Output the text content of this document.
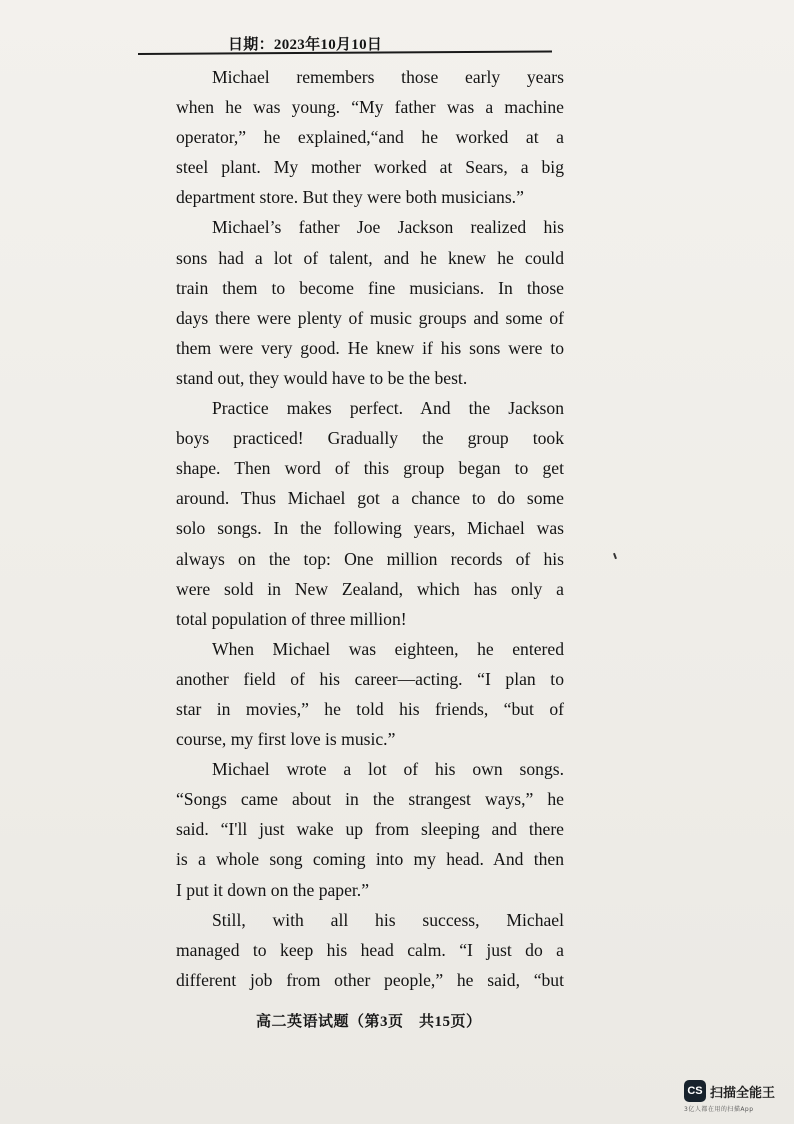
日期：2023年10月10日
Michael remembers those early years
when he was young. “My father was a machine
operator,” he explained,“and he worked at a
steel plant. My mother worked at Sears, a big
department store. But they were both musicians.”
Michael’s father Joe Jackson realized his
sons had a lot of talent, and he knew he could
train them to become fine musicians. In those
days there were plenty of music groups and some of
them were very good. He knew if his sons were to
stand out, they would have to be the best.
Practice makes perfect. And the Jackson
boys practiced! Gradually the group took
shape. Then word of this group began to get
around. Thus Michael got a chance to do some
solo songs. In the following years, Michael was
always on the top: One million records of his
were sold in New Zealand, which has only a
total population of three million!
When Michael was eighteen, he entered
another field of his career—acting. “I plan to
star in movies,” he told his friends, “but of
course, my first love is music.”
Michael wrote a lot of his own songs.
“Songs came about in the strangest ways,” he
said. “I'll just wake up from sleeping and there
is a whole song coming into my head. And then
I put it down on the paper.”
Still, with all his success, Michael
managed to keep his head calm. “I just do a
different job from other people,” he said, “but
高二英语试题（第3页　共15页）
CS 扫描全能王
3亿人都在用的扫描App
